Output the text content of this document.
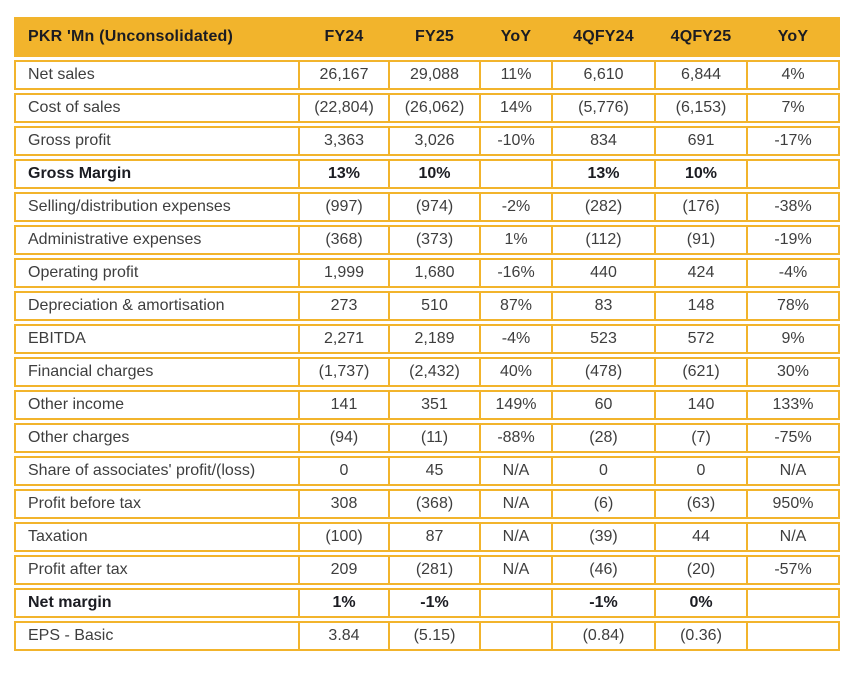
PKR 'Mn (Unconsolidated)	FY24	FY25	YoY	4QFY24	4QFY25	YoY
Net sales	26,167	29,088	11%	6,610	6,844	4%
Cost of sales	(22,804)	(26,062)	14%	(5,776)	(6,153)	7%
Gross profit	3,363	3,026	-10%	834	691	-17%
Gross Margin	13%	10%		13%	10%	
Selling/distribution expenses	(997)	(974)	-2%	(282)	(176)	-38%
Administrative expenses	(368)	(373)	1%	(112)	(91)	-19%
Operating profit	1,999	1,680	-16%	440	424	-4%
Depreciation & amortisation	273	510	87%	83	148	78%
EBITDA	2,271	2,189	-4%	523	572	9%
Financial charges	(1,737)	(2,432)	40%	(478)	(621)	30%
Other income	141	351	149%	60	140	133%
Other charges	(94)	(11)	-88%	(28)	(7)	-75%
Share of associates' profit/(loss)	0	45	N/A	0	0	N/A
Profit before tax	308	(368)	N/A	(6)	(63)	950%
Taxation	(100)	87	N/A	(39)	44	N/A
Profit after tax	209	(281)	N/A	(46)	(20)	-57%
Net margin	1%	-1%		-1%	0%	
EPS - Basic	3.84	(5.15)		(0.84)	(0.36)	
